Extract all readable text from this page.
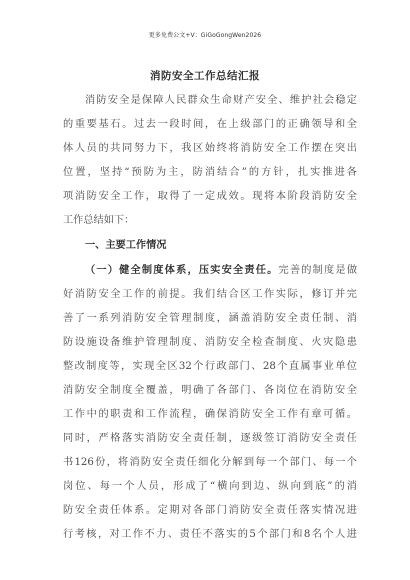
更多免费公文+V：GiGoGongWen2026
消防安全工作总结汇报
消防安全是保障人民群众生命财产安全、维护社会稳定
的重要基石。过去一段时间，在上级部门的正确领导和全
体人员的共同努力下，我区始终将消防安全工作摆在突出
位置，坚持“预防为主，防消结合”的方针，扎实推进各
项消防安全工作，取得了一定成效。现将本阶段消防安全
工作总结如下：
一、主要工作情况
（一）健全制度体系，压实安全责任。完善的制度是做
好消防安全工作的前提。我们结合区工作实际，修订并完
善了一系列消防安全管理制度，涵盖消防安全责任制、消
防设施设备维护管理制度、消防安全检查制度、火灾隐患
整改制度等，实现全区32个行政部门、28个直属事业单位
消防安全制度全覆盖，明确了各部门、各岗位在消防安全
工作中的职责和工作流程，确保消防安全工作有章可循。
同时，严格落实消防安全责任制，逐级签订消防安全责任
书126份，将消防安全责任细化分解到每一个部门、每一个
岗位、每一个人员，形成了“横向到边、纵向到底”的消
防安全责任体系。定期对各部门消防安全责任落实情况进
行考核，对工作不力、责任不落实的5个部门和8名个人进
